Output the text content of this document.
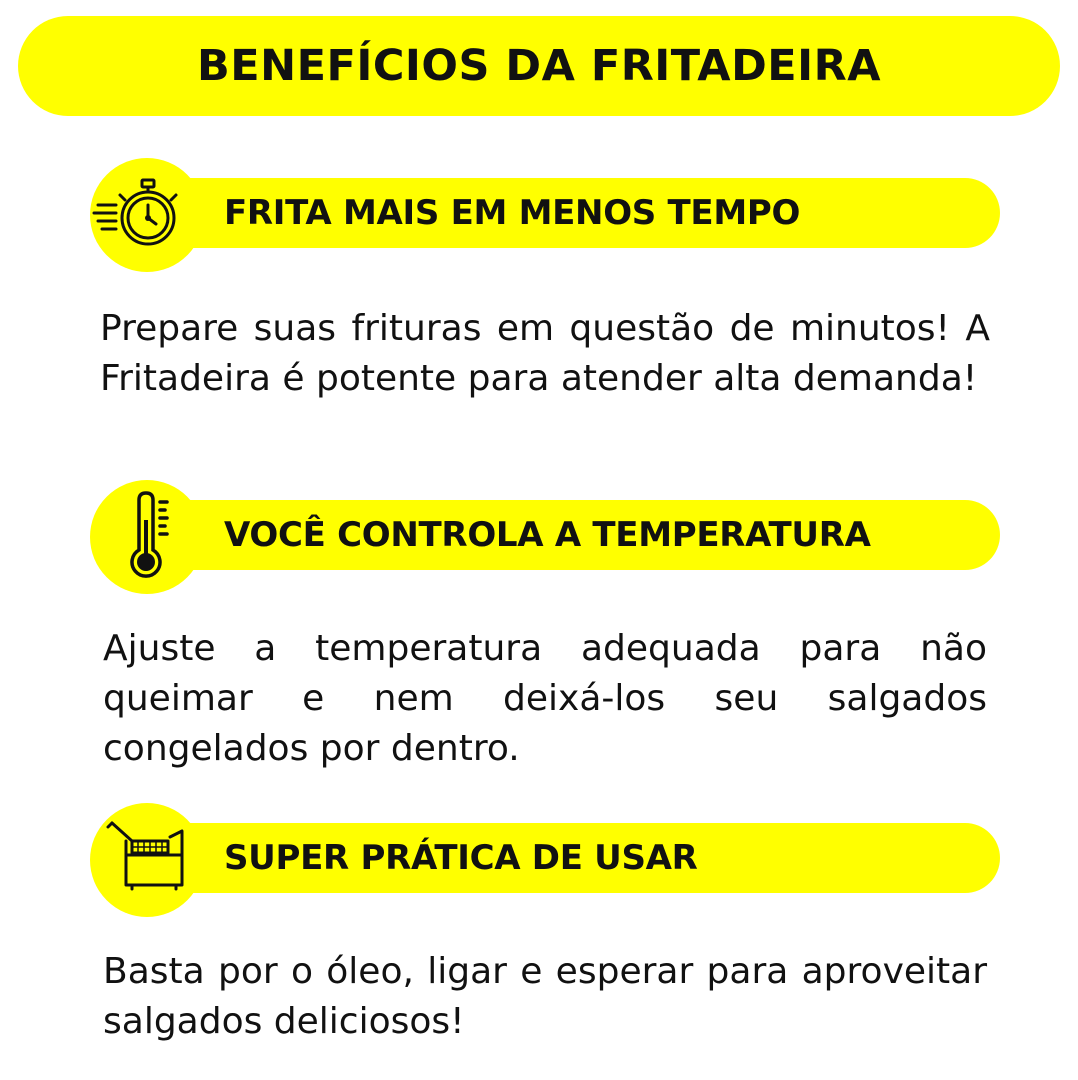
BENEFÍCIOS DA FRITADEIRA
FRITA MAIS EM MENOS TEMPO
Prepare suas frituras em questão de minutos! A Fritadeira é potente para atender alta demanda!
VOCÊ CONTROLA A TEMPERATURA
Ajuste a temperatura adequada para não queimar e nem deixá-los seu salgados congelados por dentro.
SUPER PRÁTICA DE USAR
Basta por o óleo, ligar e esperar para aproveitar salgados deliciosos!
